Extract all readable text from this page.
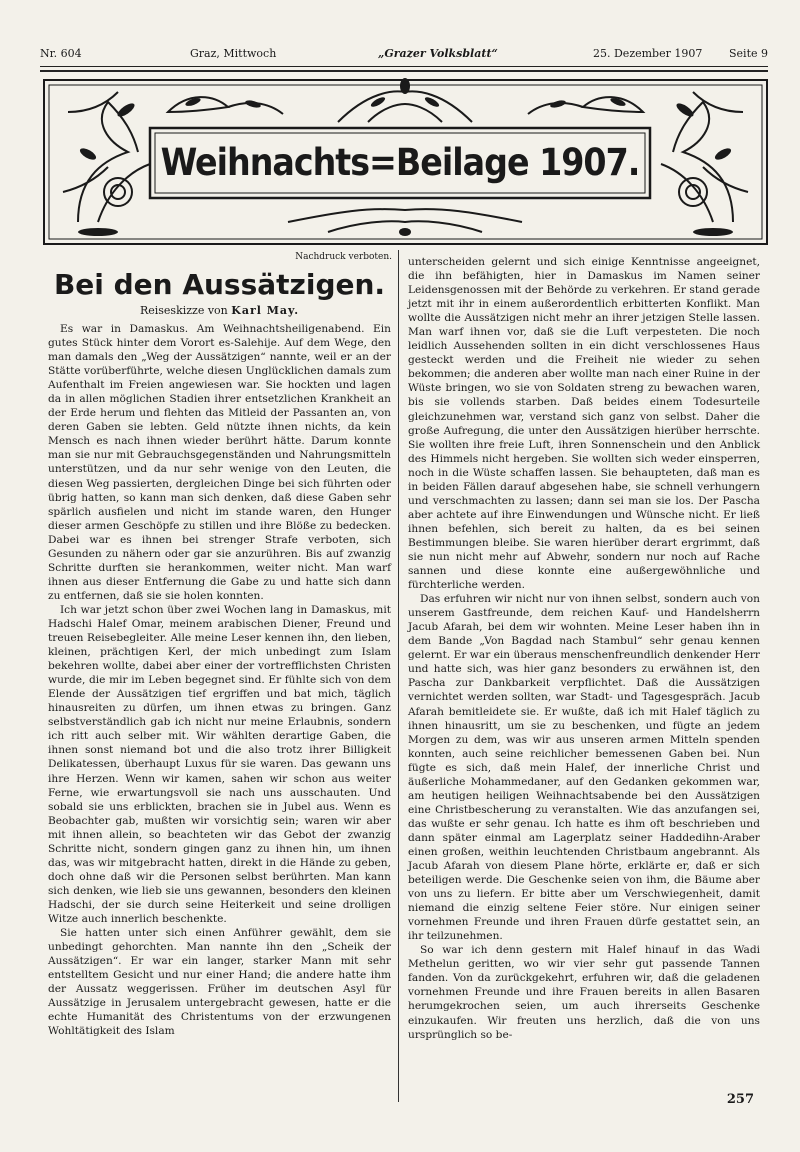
Nr. 604	Graz, Mittwoch	„Grazer Volksblatt“	25. Dezember 1907 Seite 9
Weihnachts=Beilage 1907.
Nachdruck verboten.
Bei den Aussätzigen.
Reiseskizze von Karl May.

Es war in Damaskus. Am Weihnachtsheiligenabend. Ein gutes Stück hinter dem Vorort es-Salehije. Auf dem Wege, den man damals den „Weg der Aussätzigen“ nannte, weil er an der Stätte vorüberführte, welche diesen Unglücklichen damals zum Aufenthalt im Freien angewiesen war. Sie hockten und lagen da in allen möglichen Stadien ihrer entsetzlichen Krankheit an der Erde herum und flehten das Mitleid der Passanten an, von deren Gaben sie lebten. Geld nützte ihnen nichts, da kein Mensch es nach ihnen wieder berührt hätte. Darum konnte man sie nur mit Gebrauchsgegenständen und Nahrungsmitteln unterstützen, und da nur sehr wenige von den Leuten, die diesen Weg passierten, dergleichen Dinge bei sich führten oder übrig hatten, so kann man sich denken, daß diese Gaben sehr spärlich ausfielen und nicht im stande waren, den Hunger dieser armen Geschöpfe zu stillen und ihre Blöße zu bedecken. Dabei war es ihnen bei strenger Strafe verboten, sich Gesunden zu nähern oder gar sie anzurühren. Bis auf zwanzig Schritte durften sie herankommen, weiter nicht. Man warf ihnen aus dieser Entfernung die Gabe zu und hatte sich dann zu entfernen, daß sie sie holen konnten.

Ich war jetzt schon über zwei Wochen lang in Damaskus, mit Hadschi Halef Omar, meinem arabischen Diener, Freund und treuen Reisebegleiter. Alle meine Leser kennen ihn, den lieben, kleinen, prächtigen Kerl, der mich unbedingt zum Islam bekehren wollte, dabei aber einer der vortrefflichsten Christen wurde, die mir im Leben begegnet sind. Er fühlte sich von dem Elende der Aussätzigen tief ergriffen und bat mich, täglich hinausreiten zu dürfen, um ihnen etwas zu bringen. Ganz selbstverständlich gab ich nicht nur meine Erlaubnis, sondern ich ritt auch selber mit. Wir wählten derartige Gaben, die ihnen sonst niemand bot und die also trotz ihrer Billigkeit Delikatessen, überhaupt Luxus für sie waren. Das gewann uns ihre Herzen. Wenn wir kamen, sahen wir schon aus weiter Ferne, wie erwartungsvoll sie nach uns ausschauten. Und sobald sie uns erblickten, brachen sie in Jubel aus. Wenn es Beobachter gab, mußten wir vorsichtig sein; waren wir aber mit ihnen allein, so beachteten wir das Gebot der zwanzig Schritte nicht, sondern gingen ganz zu ihnen hin, um ihnen das, was wir mitgebracht hatten, direkt in die Hände zu geben, doch ohne daß wir die Personen selbst berührten. Man kann sich denken, wie lieb sie uns gewannen, besonders den kleinen Hadschi, der sie durch seine Heiterkeit und seine drolligen Witze auch innerlich beschenkte.

Sie hatten unter sich einen Anführer gewählt, dem sie unbedingt gehorchten. Man nannte ihn den „Scheik der Aussätzigen“. Er war ein langer, starker Mann mit sehr entstelltem Gesicht und nur einer Hand; die andere hatte ihm der Aussatz weggerissen. Früher im deutschen Asyl für Aussätzige in Jerusalem untergebracht gewesen, hatte er die echte Humanität des Christentums von der erzwungenen Wohltätigkeit des Islam

unterscheiden gelernt und sich einige Kenntnisse angeeignet, die ihn befähigten, hier in Damaskus im Namen seiner Leidensgenossen mit der Behörde zu verkehren. Er stand gerade jetzt mit ihr in einem außerordentlich erbitterten Konflikt. Man wollte die Aussätzigen nicht mehr an ihrer jetzigen Stelle lassen. Man warf ihnen vor, daß sie die Luft verpesteten. Die noch leidlich Aussehenden sollten in ein dicht verschlossenes Haus gesteckt werden und die Freiheit nie wieder zu sehen bekommen; die anderen aber wollte man nach einer Ruine in der Wüste bringen, wo sie von Soldaten streng zu bewachen waren, bis sie vollends starben. Daß beides einem Todesurteile gleichzunehmen war, verstand sich ganz von selbst. Daher die große Aufregung, die unter den Aussätzigen hierüber herrschte. Sie wollten ihre freie Luft, ihren Sonnenschein und den Anblick des Himmels nicht hergeben. Sie wollten sich weder einsperren, noch in die Wüste schaffen lassen. Sie behaupteten, daß man es in beiden Fällen darauf abgesehen habe, sie schnell verhungern und verschmachten zu lassen; dann sei man sie los. Der Pascha aber achtete auf ihre Einwendungen und Wünsche nicht. Er ließ ihnen befehlen, sich bereit zu halten, da es bei seinen Bestimmungen bleibe. Sie waren hierüber derart ergrimmt, daß sie nun nicht mehr auf Abwehr, sondern nur noch auf Rache sannen und diese konnte eine außergewöhnliche und fürchterliche werden.

Das erfuhren wir nicht nur von ihnen selbst, sondern auch von unserem Gastfreunde, dem reichen Kauf- und Handelsherrn Jacub Afarah, bei dem wir wohnten. Meine Leser haben ihn in dem Bande „Von Bagdad nach Stambul“ sehr genau kennen gelernt. Er war ein überaus menschenfreundlich denkender Herr und hatte sich, was hier ganz besonders zu erwähnen ist, den Pascha zur Dankbarkeit verpflichtet. Daß die Aussätzigen vernichtet werden sollten, war Stadt- und Tagesgespräch. Jacub Afarah bemitleidete sie. Er wußte, daß ich mit Halef täglich zu ihnen hinausritt, um sie zu beschenken, und fügte an jedem Morgen zu dem, was wir aus unseren armen Mitteln spenden konnten, auch seine reichlicher bemessenen Gaben bei. Nun fügte es sich, daß mein Halef, der innerliche Christ und äußerliche Mohammedaner, auf den Gedanken gekommen war, am heutigen heiligen Weihnachtsabende bei den Aussätzigen eine Christbescherung zu veranstalten. Wie das anzufangen sei, das wußte er sehr genau. Ich hatte es ihm oft beschrieben und dann später einmal am Lagerplatz seiner Haddedihn-Araber einen großen, weithin leuchtenden Christbaum angebrannt. Als Jacub Afarah von diesem Plane hörte, erklärte er, daß er sich beteiligen werde. Die Geschenke seien von ihm, die Bäume aber von uns zu liefern. Er bitte aber um Verschwiegenheit, damit niemand die einzig seltene Feier störe. Nur einigen seiner vornehmen Freunde und ihren Frauen dürfe gestattet sein, an ihr teilzunehmen.

So war ich denn gestern mit Halef hinauf in das Wadi Methelun geritten, wo wir vier sehr gut passende Tannen fanden. Von da zurückgekehrt, erfuhren wir, daß die geladenen vornehmen Freunde und ihre Frauen bereits in allen Basaren herumgekrochen seien, um auch ihrerseits Geschenke einzukaufen. Wir freuten uns herzlich, daß die von uns ursprünglich so be-

257
